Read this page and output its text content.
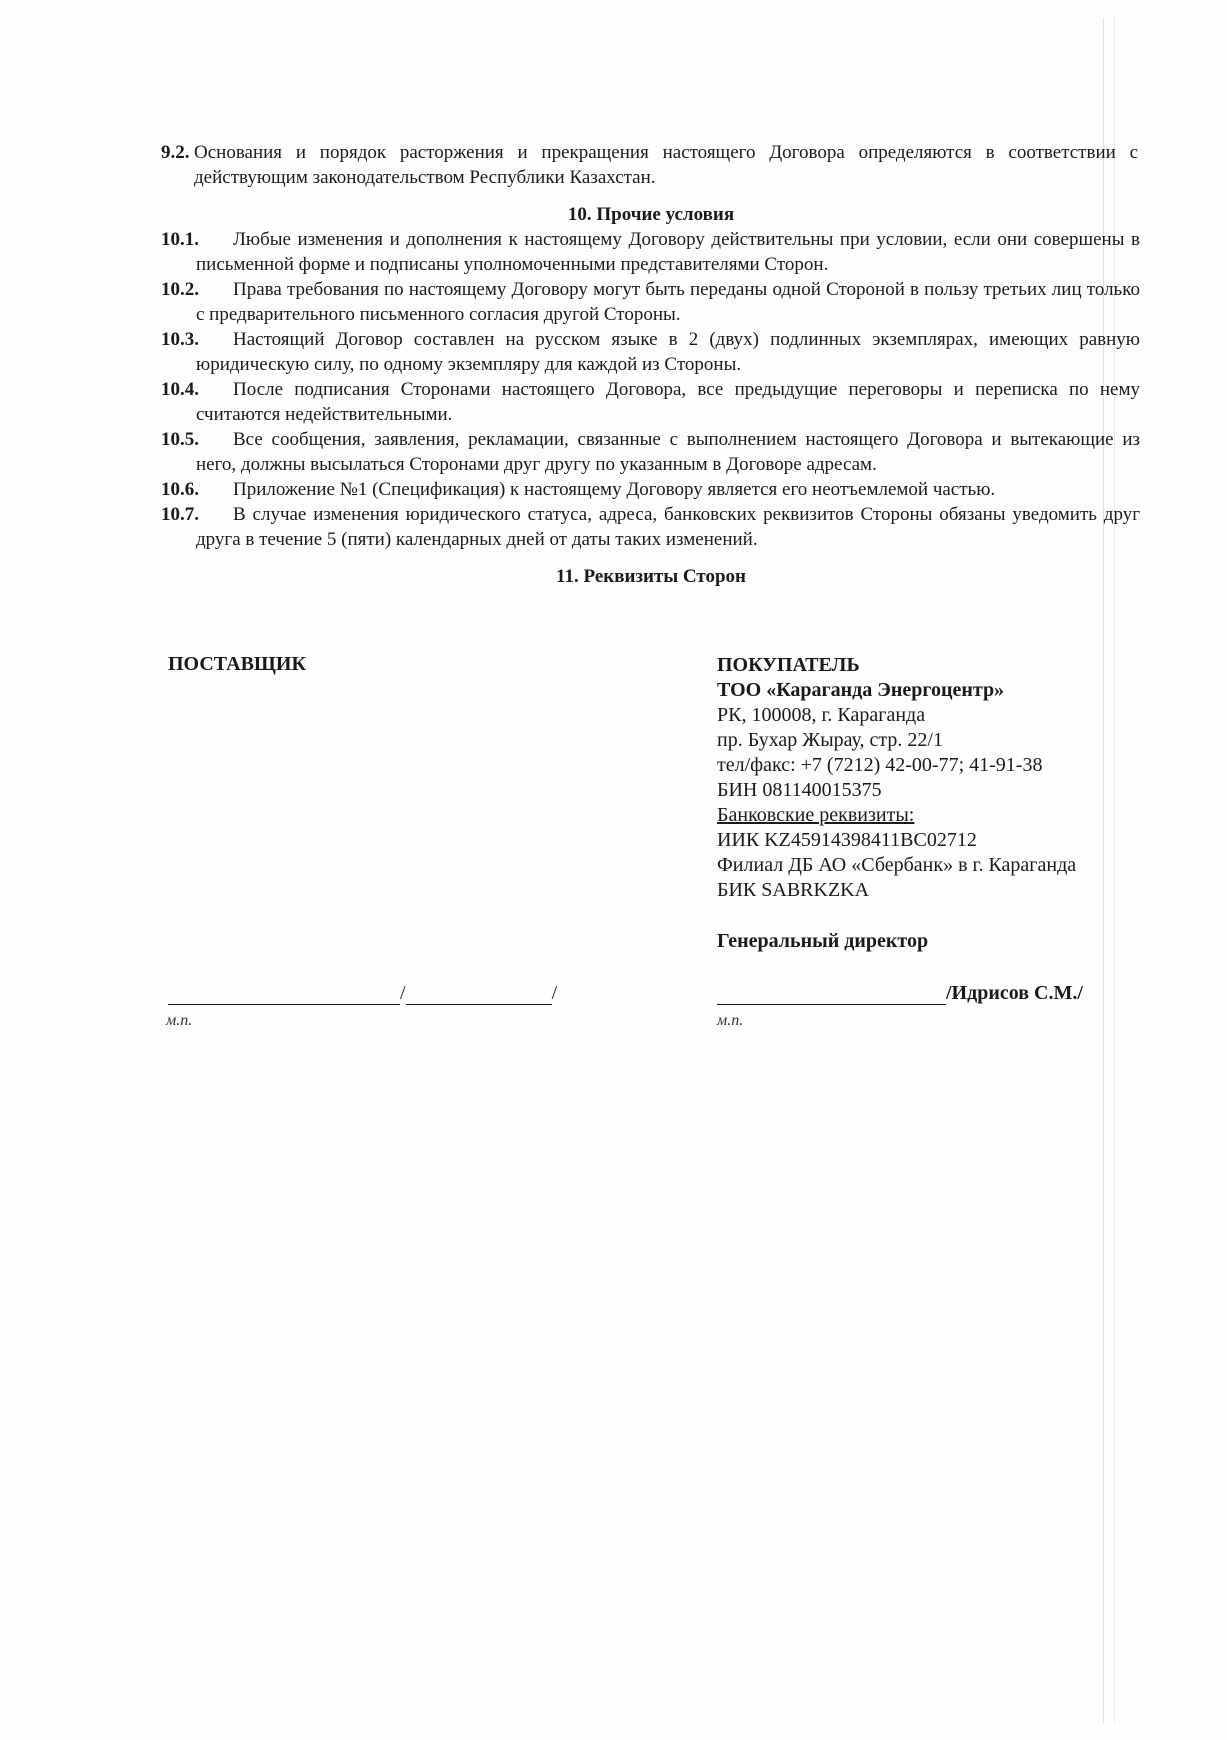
9.2. Основания и порядок расторжения и прекращения настоящего Договора определяются в соответствии с действующим законодательством Республики Казахстан.
10. Прочие условия
10.1.	Любые изменения и дополнения к настоящему Договору действительны при условии, если они совершены в письменной форме и подписаны уполномоченными представителями Сторон.
10.2.	Права требования по настоящему Договору могут быть переданы одной Стороной в пользу третьих лиц только с предварительного письменного согласия другой Стороны.
10.3.	Настоящий Договор составлен на русском языке в 2 (двух) подлинных экземплярах, имеющих равную юридическую силу, по одному экземпляру для каждой из Стороны.
10.4.	После подписания Сторонами настоящего Договора, все предыдущие переговоры и переписка по нему считаются недействительными.
10.5.	Все сообщения, заявления, рекламации, связанные с выполнением настоящего Договора и вытекающие из него, должны высылаться Сторонами друг другу по указанным в Договоре адресам.
10.6.	Приложение №1 (Спецификация) к настоящему Договору является его неотъемлемой частью.
10.7.	В случае изменения юридического статуса, адреса, банковских реквизитов Стороны обязаны уведомить друг друга в течение 5 (пяти) календарных дней от даты таких изменений.
11. Реквизиты Сторон
ПОСТАВЩИК	ПОКУПАТЕЛЬ
ТОО «Караганда Энергоцентр»
РК, 100008, г. Караганда
пр. Бухар Жырау, стр. 22/1
тел/факс: +7 (7212) 42-00-77; 41-91-38
БИН 081140015375
Банковские реквизиты:
ИИК KZ45914398411BC02712
Филиал ДБ АО «Сбербанк» в г. Караганда
БИК SABRKZKA
Генеральный директор
/	/	/Идрисов С.М./
м.п.	м.п.
